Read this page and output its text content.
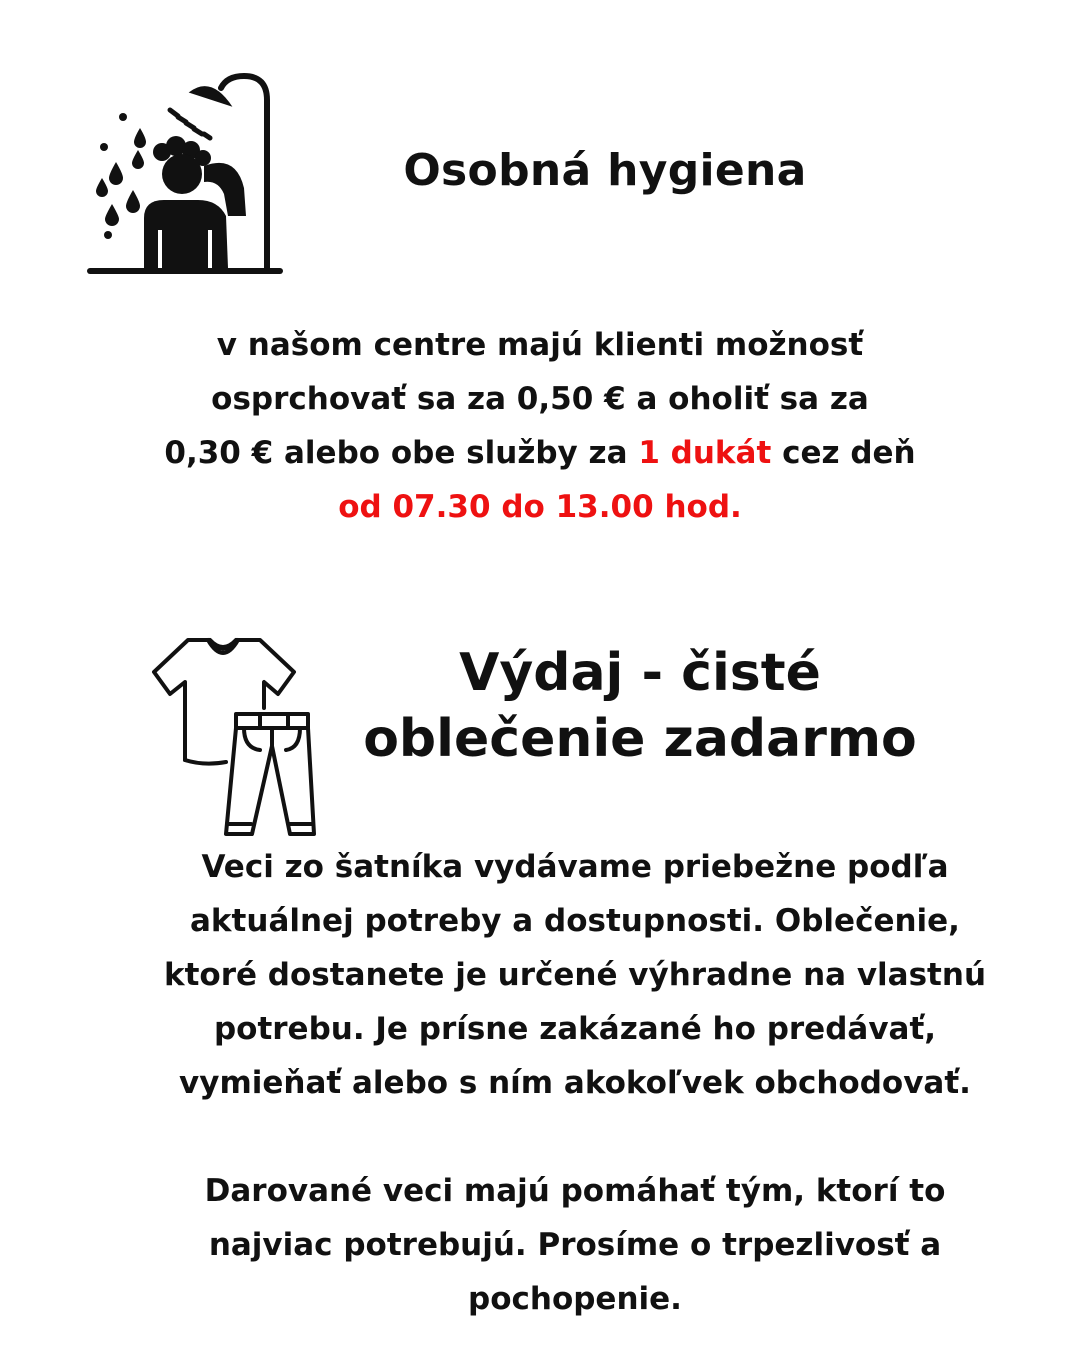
Osobná hygiena
v našom centre majú klienti možnosť
osprchovať sa za 0,50 € a oholiť sa za
0,30 € alebo obe služby za 1 dukát cez deň
od 07.30 do 13.00 hod.
Výdaj - čisté
oblečenie zadarmo

Veci zo šatníka vydávame priebežne podľa
aktuálnej potreby a dostupnosti. Oblečenie,
ktoré dostanete je určené výhradne na vlastnú
potrebu. Je prísne zakázané ho predávať,
vymieňať alebo s ním akokoľvek obchodovať.

Darované veci majú pomáhať tým, ktorí to
najviac potrebujú. Prosíme o trpezlivosť a
pochopenie.
